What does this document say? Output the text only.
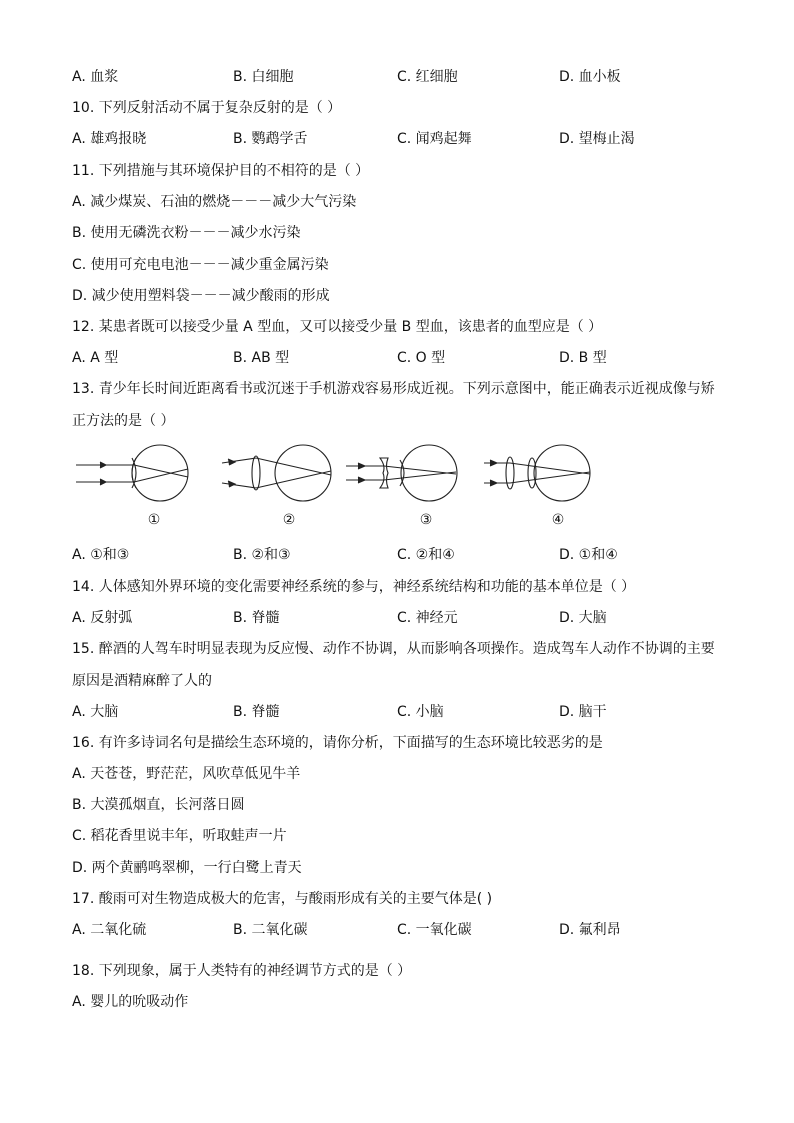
A. 血浆	B. 白细胞	C. 红细胞	D. 血小板
10. 下列反射活动不属于复杂反射的是（ ）
A. 雄鸡报晓	B. 鹦鹉学舌	C. 闻鸡起舞	D. 望梅止渴
11. 下列措施与其环境保护目的不相符的是（ ）
A. 减少煤炭、石油的燃烧－－－减少大气污染
B. 使用无磷洗衣粉－－－减少水污染
C. 使用可充电电池－－－减少重金属污染
D. 减少使用塑料袋－－－减少酸雨的形成
12. 某患者既可以接受少量 A 型血，又可以接受少量 B 型血，该患者的血型应是（ ）
A. A 型	B. AB 型	C. O 型	D. B 型
13. 青少年长时间近距离看书或沉迷于手机游戏容易形成近视。下列示意图中，能正确表示近视成像与矫
正方法的是（ ）
①	②	③	④
A. ①和③	B. ②和③	C. ②和④	D. ①和④
14. 人体感知外界环境的变化需要神经系统的参与，神经系统结构和功能的基本单位是（ ）
A. 反射弧	B. 脊髓	C. 神经元	D. 大脑
15. 醉酒的人驾车时明显表现为反应慢、动作不协调，从而影响各项操作。造成驾车人动作不协调的主要
原因是酒精麻醉了人的
A. 大脑	B. 脊髓	C. 小脑	D. 脑干
16. 有许多诗词名句是描绘生态环境的，请你分析，下面描写的生态环境比较恶劣的是
A. 天苍苍，野茫茫，风吹草低见牛羊
B. 大漠孤烟直，长河落日圆
C. 稻花香里说丰年，听取蛙声一片
D. 两个黄鹂鸣翠柳，一行白鹭上青天
17. 酸雨可对生物造成极大的危害，与酸雨形成有关的主要气体是( )
A. 二氧化硫	B. 二氧化碳	C. 一氧化碳	D. 氟利昂
18. 下列现象，属于人类特有的神经调节方式的是（ ）
A. 婴儿的吮吸动作
